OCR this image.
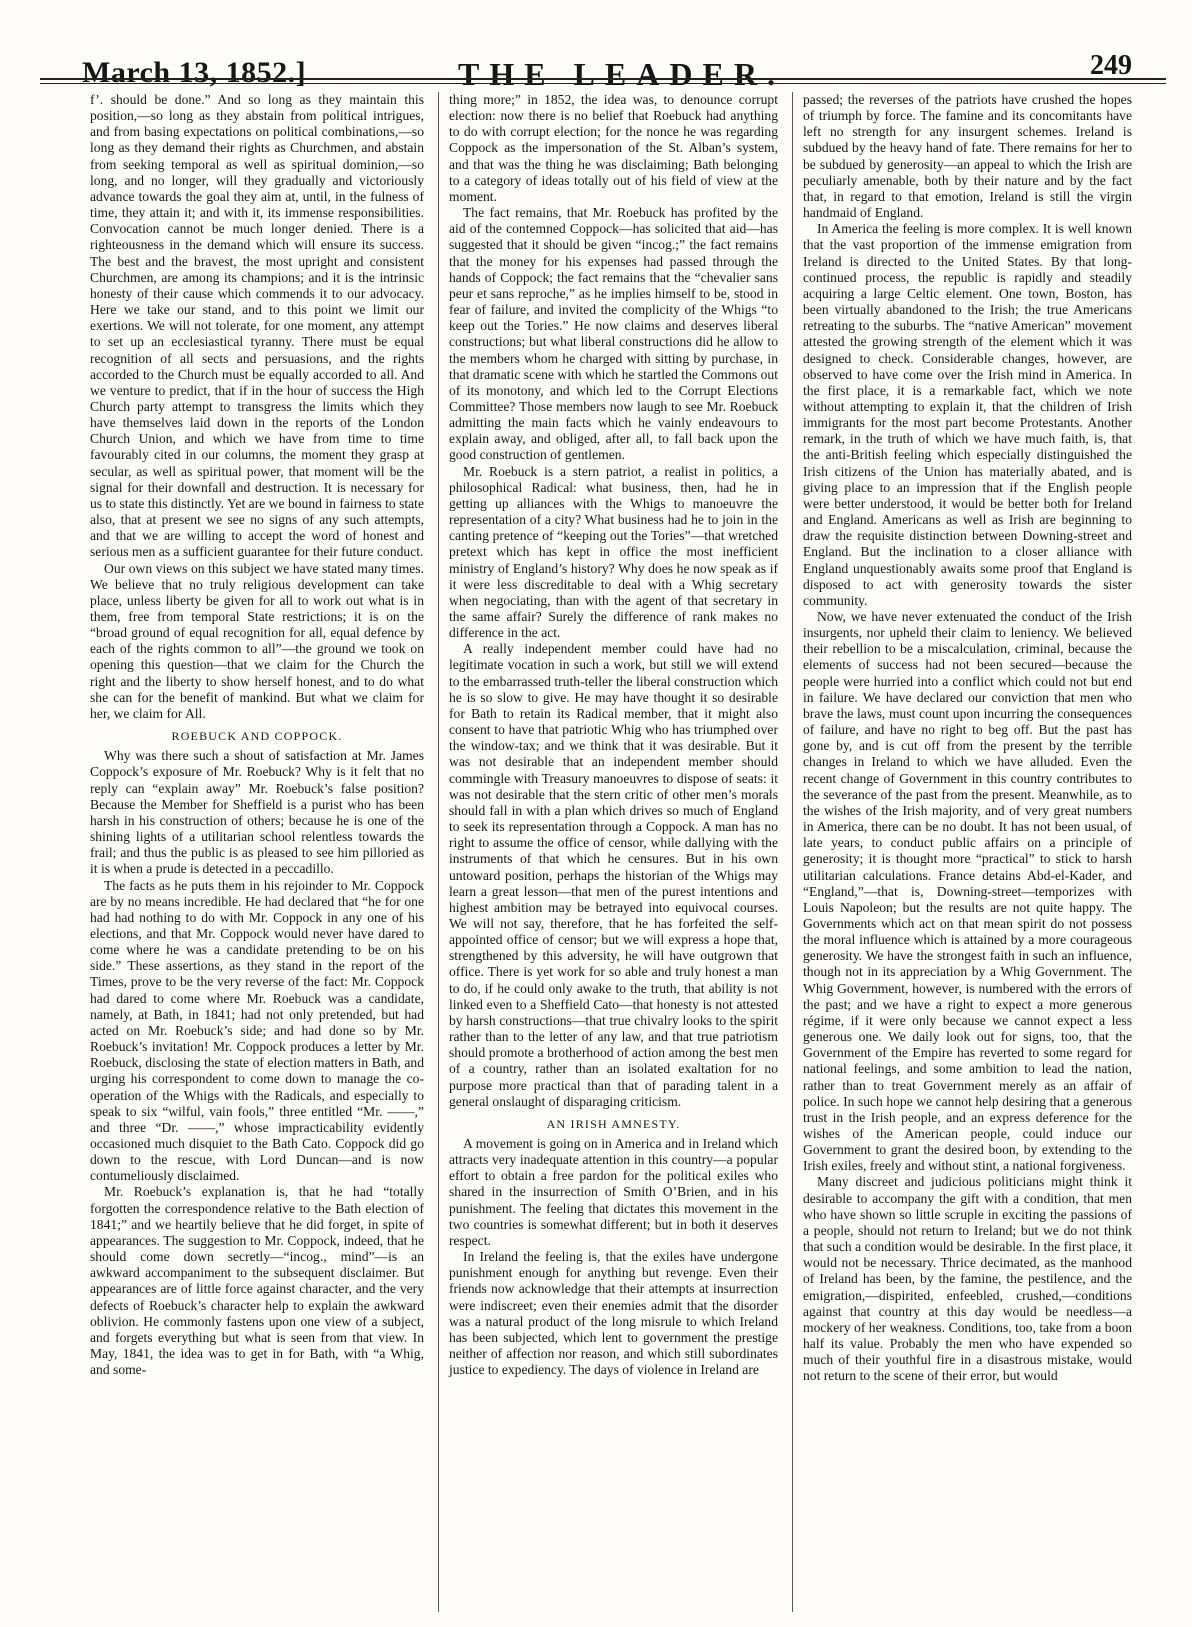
March 13, 1852.]	THE LEADER.	249

f’. should be done.” And so long as they maintain this position,—so long as they abstain from political intrigues, and from basing expectations on political combinations,—so long as they demand their rights as Churchmen, and abstain from seeking temporal as well as spiritual dominion,—so long, and no longer, will they gradually and victoriously advance towards the goal they aim at, until, in the fulness of time, they attain it; and with it, its immense responsibilities. Convocation cannot be much longer denied. There is a righteousness in the demand which will ensure its success. The best and the bravest, the most upright and consistent Churchmen, are among its champions; and it is the intrinsic honesty of their cause which commends it to our advocacy. Here we take our stand, and to this point we limit our exertions. We will not tolerate, for one moment, any attempt to set up an ecclesiastical tyranny. There must be equal recognition of all sects and persuasions, and the rights accorded to the Church must be equally accorded to all. And we venture to predict, that if in the hour of success the High Church party attempt to transgress the limits which they have themselves laid down in the reports of the London Church Union, and which we have from time to time favourably cited in our columns, the moment they grasp at secular, as well as spiritual power, that moment will be the signal for their downfall and destruction. It is necessary for us to state this distinctly. Yet are we bound in fairness to state also, that at present we see no signs of any such attempts, and that we are willing to accept the word of honest and serious men as a sufficient guarantee for their future conduct.

Our own views on this subject we have stated many times. We believe that no truly religious development can take place, unless liberty be given for all to work out what is in them, free from temporal State restrictions; it is on the “broad ground of equal recognition for all, equal defence by each of the rights common to all”—the ground we took on opening this question—that we claim for the Church the right and the liberty to show herself honest, and to do what she can for the benefit of mankind. But what we claim for her, we claim for All.

ROEBUCK AND COPPOCK.

Why was there such a shout of satisfaction at Mr. James Coppock’s exposure of Mr. Roebuck? Why is it felt that no reply can “explain away” Mr. Roebuck’s false position? Because the Member for Sheffield is a purist who has been harsh in his construction of others; because he is one of the shining lights of a utilitarian school relentless towards the frail; and thus the public is as pleased to see him pilloried as it is when a prude is detected in a peccadillo.

The facts as he puts them in his rejoinder to Mr. Coppock are by no means incredible. He had declared that “he for one had had nothing to do with Mr. Coppock in any one of his elections, and that Mr. Coppock would never have dared to come where he was a candidate pretending to be on his side.” These assertions, as they stand in the report of the Times, prove to be the very reverse of the fact: Mr. Coppock had dared to come where Mr. Roebuck was a candidate, namely, at Bath, in 1841; had not only pretended, but had acted on Mr. Roebuck’s side; and had done so by Mr. Roebuck’s invitation! Mr. Coppock produces a letter by Mr. Roebuck, disclosing the state of election matters in Bath, and urging his correspondent to come down to manage the co-operation of the Whigs with the Radicals, and especially to speak to six “wilful, vain fools,” three entitled “Mr. ——,” and three “Dr. ——,” whose impracticability evidently occasioned much disquiet to the Bath Cato. Coppock did go down to the rescue, with Lord Duncan—and is now contumeliously disclaimed.

Mr. Roebuck’s explanation is, that he had “totally forgotten the correspondence relative to the Bath election of 1841;” and we heartily believe that he did forget, in spite of appearances. The suggestion to Mr. Coppock, indeed, that he should come down secretly—“incog., mind”—is an awkward accompaniment to the subsequent disclaimer. But appearances are of little force against character, and the very defects of Roebuck’s character help to explain the awkward oblivion. He commonly fastens upon one view of a subject, and forgets everything but what is seen from that view. In May, 1841, the idea was to get in for Bath, with “a Whig, and some-

thing more;” in 1852, the idea was, to denounce corrupt election: now there is no belief that Roebuck had anything to do with corrupt election; for the nonce he was regarding Coppock as the impersonation of the St. Alban’s system, and that was the thing he was disclaiming; Bath belonging to a category of ideas totally out of his field of view at the moment.

The fact remains, that Mr. Roebuck has profited by the aid of the contemned Coppock—has solicited that aid—has suggested that it should be given “incog.;” the fact remains that the money for his expenses had passed through the hands of Coppock; the fact remains that the “chevalier sans peur et sans reproche,” as he implies himself to be, stood in fear of failure, and invited the complicity of the Whigs “to keep out the Tories.” He now claims and deserves liberal constructions; but what liberal constructions did he allow to the members whom he charged with sitting by purchase, in that dramatic scene with which he startled the Commons out of its monotony, and which led to the Corrupt Elections Committee? Those members now laugh to see Mr. Roebuck admitting the main facts which he vainly endeavours to explain away, and obliged, after all, to fall back upon the good construction of gentlemen.

Mr. Roebuck is a stern patriot, a realist in politics, a philosophical Radical: what business, then, had he in getting up alliances with the Whigs to manoeuvre the representation of a city? What business had he to join in the canting pretence of “keeping out the Tories”—that wretched pretext which has kept in office the most inefficient ministry of England’s history? Why does he now speak as if it were less discreditable to deal with a Whig secretary when negociating, than with the agent of that secretary in the same affair? Surely the difference of rank makes no difference in the act.

A really independent member could have had no legitimate vocation in such a work, but still we will extend to the embarrassed truth-teller the liberal construction which he is so slow to give. He may have thought it so desirable for Bath to retain its Radical member, that it might also consent to have that patriotic Whig who has triumphed over the window-tax; and we think that it was desirable. But it was not desirable that an independent member should commingle with Treasury manoeuvres to dispose of seats: it was not desirable that the stern critic of other men’s morals should fall in with a plan which drives so much of England to seek its representation through a Coppock. A man has no right to assume the office of censor, while dallying with the instruments of that which he censures. But in his own untoward position, perhaps the historian of the Whigs may learn a great lesson—that men of the purest intentions and highest ambition may be betrayed into equivocal courses. We will not say, therefore, that he has forfeited the self-appointed office of censor; but we will express a hope that, strengthened by this adversity, he will have outgrown that office. There is yet work for so able and truly honest a man to do, if he could only awake to the truth, that ability is not linked even to a Sheffield Cato—that honesty is not attested by harsh constructions—that true chivalry looks to the spirit rather than to the letter of any law, and that true patriotism should promote a brotherhood of action among the best men of a country, rather than an isolated exaltation for no purpose more practical than that of parading talent in a general onslaught of disparaging criticism.

AN IRISH AMNESTY.

A movement is going on in America and in Ireland which attracts very inadequate attention in this country—a popular effort to obtain a free pardon for the political exiles who shared in the insurrection of Smith O’Brien, and in his punishment. The feeling that dictates this movement in the two countries is somewhat different; but in both it deserves respect.

In Ireland the feeling is, that the exiles have undergone punishment enough for anything but revenge. Even their friends now acknowledge that their attempts at insurrection were indiscreet; even their enemies admit that the disorder was a natural product of the long misrule to which Ireland has been subjected, which lent to government the prestige neither of affection nor reason, and which still subordinates justice to expediency. The days of violence in Ireland are

passed; the reverses of the patriots have crushed the hopes of triumph by force. The famine and its concomitants have left no strength for any insurgent schemes. Ireland is subdued by the heavy hand of fate. There remains for her to be subdued by generosity—an appeal to which the Irish are peculiarly amenable, both by their nature and by the fact that, in regard to that emotion, Ireland is still the virgin handmaid of England.

In America the feeling is more complex. It is well known that the vast proportion of the immense emigration from Ireland is directed to the United States. By that long-continued process, the republic is rapidly and steadily acquiring a large Celtic element. One town, Boston, has been virtually abandoned to the Irish; the true Americans retreating to the suburbs. The “native American” movement attested the growing strength of the element which it was designed to check. Considerable changes, however, are observed to have come over the Irish mind in America. In the first place, it is a remarkable fact, which we note without attempting to explain it, that the children of Irish immigrants for the most part become Protestants. Another remark, in the truth of which we have much faith, is, that the anti-British feeling which especially distinguished the Irish citizens of the Union has materially abated, and is giving place to an impression that if the English people were better understood, it would be better both for Ireland and England. Americans as well as Irish are beginning to draw the requisite distinction between Downing-street and England. But the inclination to a closer alliance with England unquestionably awaits some proof that England is disposed to act with generosity towards the sister community.

Now, we have never extenuated the conduct of the Irish insurgents, nor upheld their claim to leniency. We believed their rebellion to be a miscalculation, criminal, because the elements of success had not been secured—because the people were hurried into a conflict which could not but end in failure. We have declared our conviction that men who brave the laws, must count upon incurring the consequences of failure, and have no right to beg off. But the past has gone by, and is cut off from the present by the terrible changes in Ireland to which we have alluded. Even the recent change of Government in this country contributes to the severance of the past from the present. Meanwhile, as to the wishes of the Irish majority, and of very great numbers in America, there can be no doubt. It has not been usual, of late years, to conduct public affairs on a principle of generosity; it is thought more “practical” to stick to harsh utilitarian calculations. France detains Abd-el-Kader, and “England,”—that is, Downing-street—temporizes with Louis Napoleon; but the results are not quite happy. The Governments which act on that mean spirit do not possess the moral influence which is attained by a more courageous generosity. We have the strongest faith in such an influence, though not in its appreciation by a Whig Government. The Whig Government, however, is numbered with the errors of the past; and we have a right to expect a more generous régime, if it were only because we cannot expect a less generous one. We daily look out for signs, too, that the Government of the Empire has reverted to some regard for national feelings, and some ambition to lead the nation, rather than to treat Government merely as an affair of police. In such hope we cannot help desiring that a generous trust in the Irish people, and an express deference for the wishes of the American people, could induce our Government to grant the desired boon, by extending to the Irish exiles, freely and without stint, a national forgiveness.

Many discreet and judicious politicians might think it desirable to accompany the gift with a condition, that men who have shown so little scruple in exciting the passions of a people, should not return to Ireland; but we do not think that such a condition would be desirable. In the first place, it would not be necessary. Thrice decimated, as the manhood of Ireland has been, by the famine, the pestilence, and the emigration,—dispirited, enfeebled, crushed,—conditions against that country at this day would be needless—a mockery of her weakness. Conditions, too, take from a boon half its value. Probably the men who have expended so much of their youthful fire in a disastrous mistake, would not return to the scene of their error, but would
